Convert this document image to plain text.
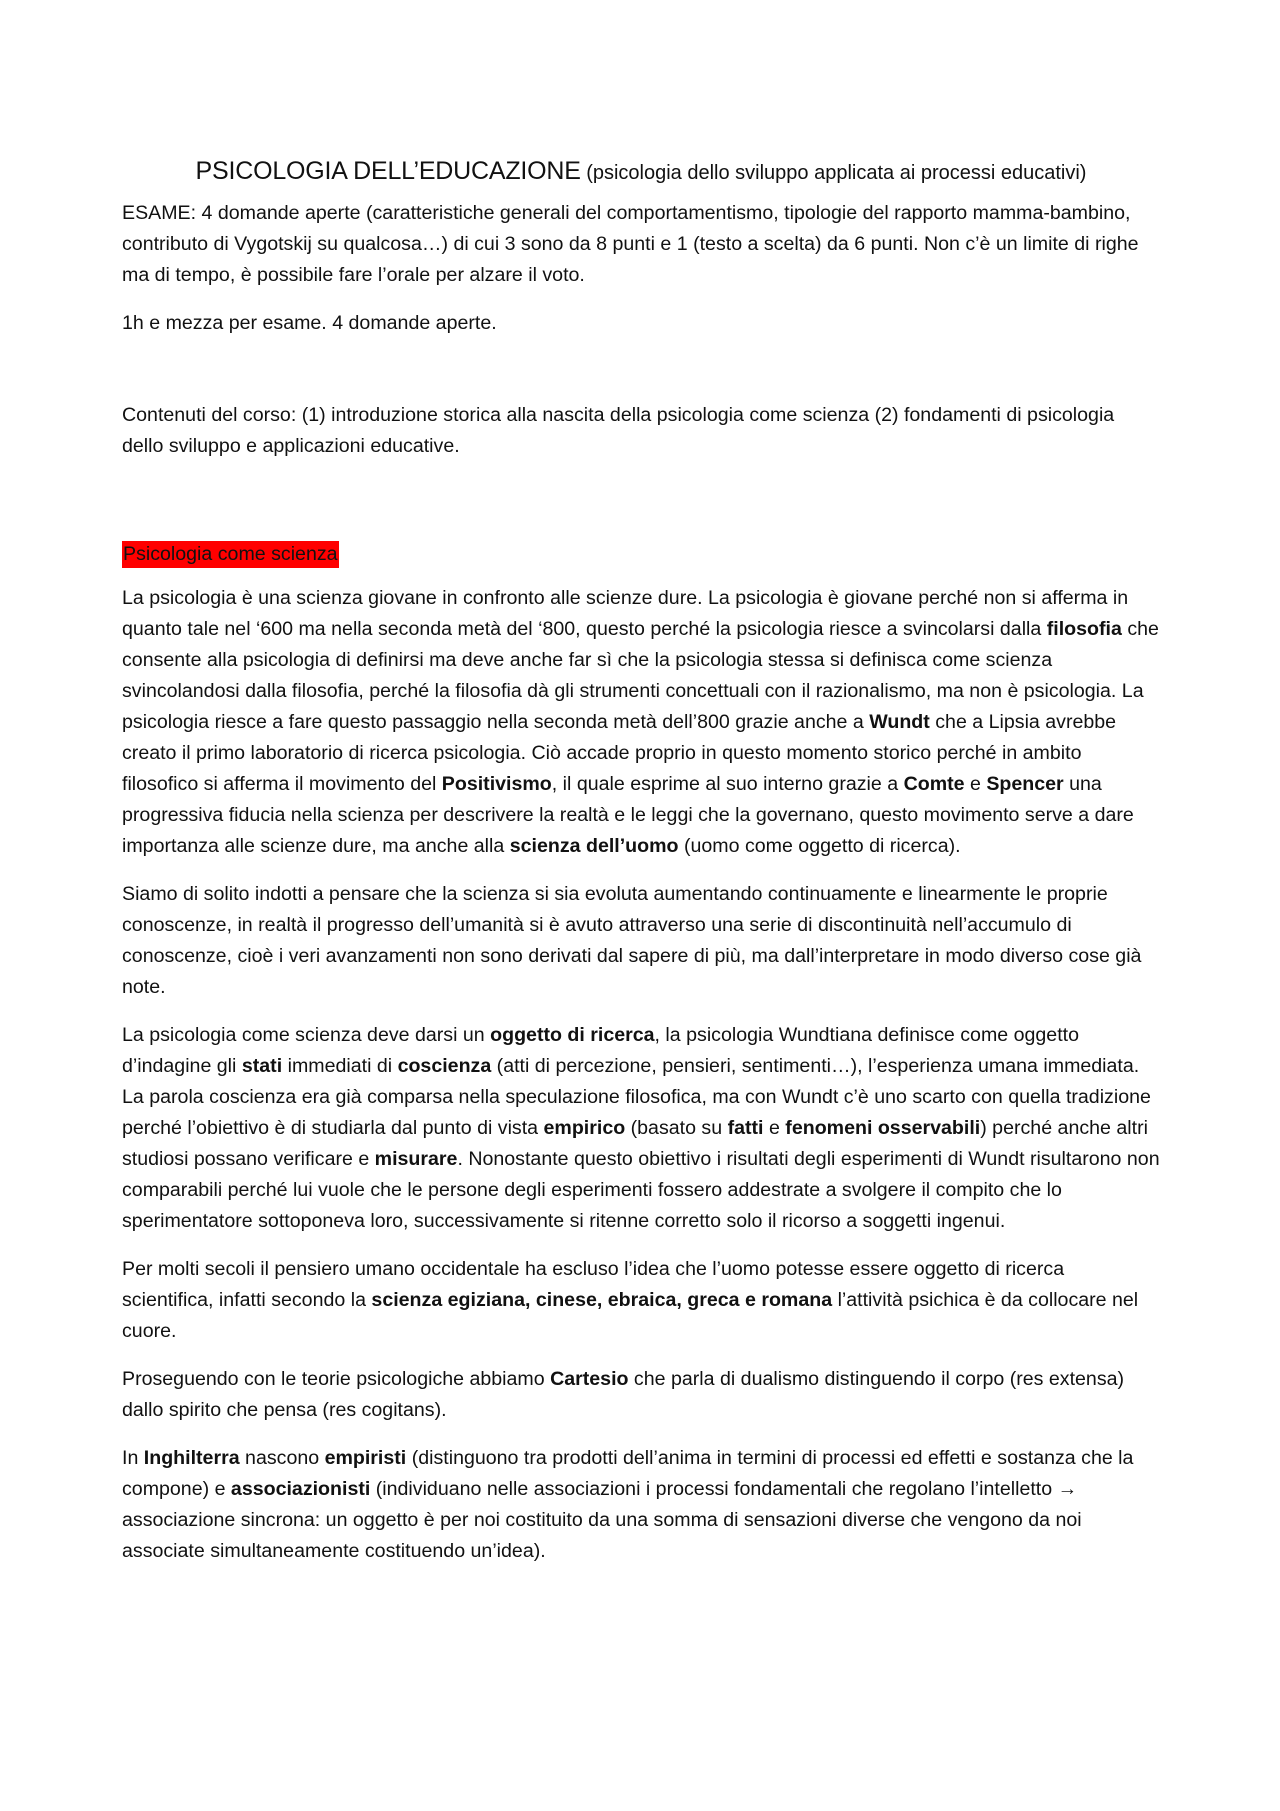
PSICOLOGIA DELL’EDUCAZIONE (psicologia dello sviluppo applicata ai processi educativi)

ESAME: 4 domande aperte (caratteristiche generali del comportamentismo, tipologie del rapporto mamma-bambino, contributo di Vygotskij su qualcosa…) di cui 3 sono da 8 punti e 1 (testo a scelta) da 6 punti. Non c’è un limite di righe ma di tempo, è possibile fare l’orale per alzare il voto.

1h e mezza per esame. 4 domande aperte.

Contenuti del corso: (1) introduzione storica alla nascita della psicologia come scienza (2) fondamenti di psicologia dello sviluppo e applicazioni educative.

Psicologia come scienza

La psicologia è una scienza giovane in confronto alle scienze dure. La psicologia è giovane perché non si afferma in quanto tale nel ‘600 ma nella seconda metà del ‘800, questo perché la psicologia riesce a svincolarsi dalla filosofia che consente alla psicologia di definirsi ma deve anche far sì che la psicologia stessa si definisca come scienza svincolandosi dalla filosofia, perché la filosofia dà gli strumenti concettuali con il razionalismo, ma non è psicologia. La psicologia riesce a fare questo passaggio nella seconda metà dell’800 grazie anche a Wundt che a Lipsia avrebbe creato il primo laboratorio di ricerca psicologia. Ciò accade proprio in questo momento storico perché in ambito filosofico si afferma il movimento del Positivismo, il quale esprime al suo interno grazie a Comte e Spencer una progressiva fiducia nella scienza per descrivere la realtà e le leggi che la governano, questo movimento serve a dare importanza alle scienze dure, ma anche alla scienza dell’uomo (uomo come oggetto di ricerca).

Siamo di solito indotti a pensare che la scienza si sia evoluta aumentando continuamente e linearmente le proprie conoscenze, in realtà il progresso dell’umanità si è avuto attraverso una serie di discontinuità nell’accumulo di conoscenze, cioè i veri avanzamenti non sono derivati dal sapere di più, ma dall’interpretare in modo diverso cose già note.

La psicologia come scienza deve darsi un oggetto di ricerca, la psicologia Wundtiana definisce come oggetto d’indagine gli stati immediati di coscienza (atti di percezione, pensieri, sentimenti…), l’esperienza umana immediata. La parola coscienza era già comparsa nella speculazione filosofica, ma con Wundt c’è uno scarto con quella tradizione perché l’obiettivo è di studiarla dal punto di vista empirico (basato su fatti e fenomeni osservabili) perché anche altri studiosi possano verificare e misurare. Nonostante questo obiettivo i risultati degli esperimenti di Wundt risultarono non comparabili perché lui vuole che le persone degli esperimenti fossero addestrate a svolgere il compito che lo sperimentatore sottoponeva loro, successivamente si ritenne corretto solo il ricorso a soggetti ingenui.

Per molti secoli il pensiero umano occidentale ha escluso l’idea che l’uomo potesse essere oggetto di ricerca scientifica, infatti secondo la scienza egiziana, cinese, ebraica, greca e romana l’attività psichica è da collocare nel cuore.

Proseguendo con le teorie psicologiche abbiamo Cartesio che parla di dualismo distinguendo il corpo (res extensa) dallo spirito che pensa (res cogitans).

In Inghilterra nascono empiristi (distinguono tra prodotti dell’anima in termini di processi ed effetti e sostanza che la compone) e associazionisti (individuano nelle associazioni i processi fondamentali che regolano l’intelletto → associazione sincrona: un oggetto è per noi costituito da una somma di sensazioni diverse che vengono da noi associate simultaneamente costituendo un’idea).
